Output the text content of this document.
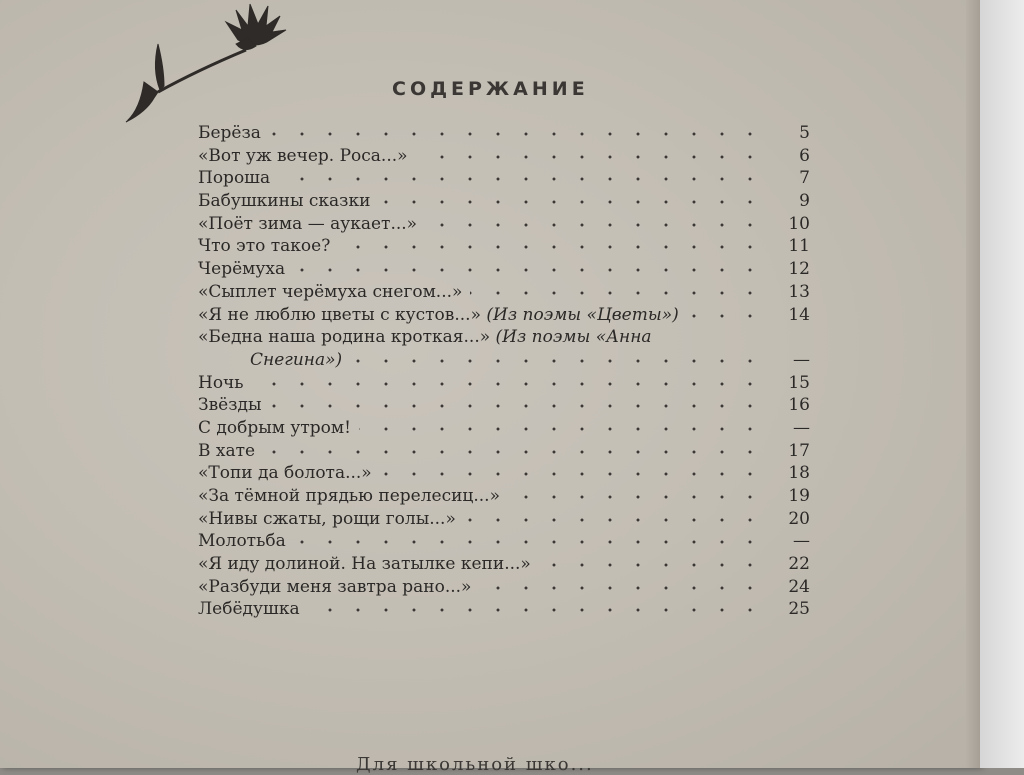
СОДЕРЖАНИЕ
Берёза	5
«Вот уж вечер. Роса...»	6
Пороша	7
Бабушкины сказки	9
«Поёт зима — аукает...»	10
Что это такое?	11
Черёмуха	12
«Сыплет черёмуха снегом...»	13
«Я не люблю цветы с кустов...» (Из поэмы «Цветы»)	14
«Бедна наша родина кроткая...» (Из поэмы «Анна
Снегина»)	—
Ночь	15
Звёзды	16
С добрым утром!	—
В хате	17
«Топи да болота...»	18
«За тёмной прядью перелесиц...»	19
«Нивы сжаты, рощи голы...»	20
Молотьба	—
«Я иду долиной. На затылке кепи...»	22
«Разбуди меня завтра рано...»	24
Лебёдушка	25
Для школьной шко...
